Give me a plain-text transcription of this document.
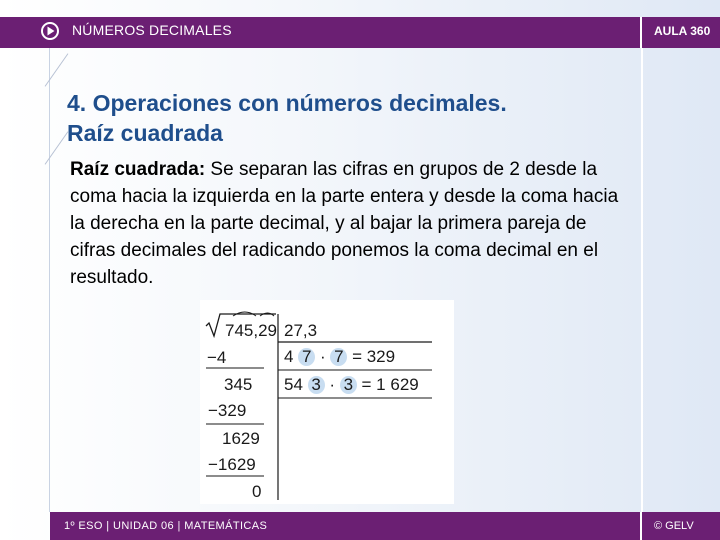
NÚMEROS DECIMALES	AULA 360
4. Operaciones con números decimales.
Raíz cuadrada

Raíz cuadrada: Se separan las cifras en grupos de 2 desde la coma hacia la izquierda en la parte entera y desde la coma hacia la derecha en la parte decimal, y al bajar la primera pareja de cifras decimales del radicando ponemos la coma decimal en el resultado.

745,29 27,3
−4
345
−329
1629
−1629
0
4 7 · 7 = 329
54 3 · 3 = 1 629
1º ESO | UNIDAD 06 | MATEMÁTICAS	© GELV
